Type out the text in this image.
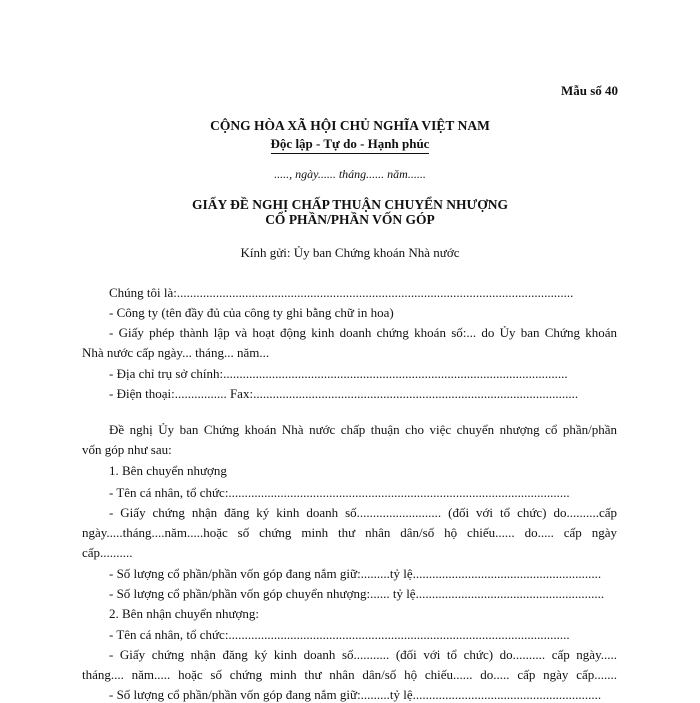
Mẫu số 40
CỘNG HÒA XÃ HỘI CHỦ NGHĨA VIỆT NAM
Độc lập - Tự do - Hạnh phúc
....., ngày...... tháng...... năm......
GIẤY ĐỀ NGHỊ CHẤP THUẬN CHUYỂN NHƯỢNG
CỔ PHẦN/PHẦN VỐN GÓP
Kính gửi: Ủy ban Chứng khoán Nhà nước
Chúng tôi là:..........................................................................................................................
- Công ty (tên đầy đủ của công ty ghi bằng chữ in hoa)
- Giấy phép thành lập và hoạt động kinh doanh chứng khoán số:... do Ủy ban Chứng khoán
Nhà nước cấp ngày... tháng... năm...
- Địa chỉ trụ sở chính:..........................................................................................................
- Điện thoại:................ Fax:....................................................................................................
Đề nghị Ủy ban Chứng khoán Nhà nước chấp thuận cho việc chuyển nhượng cổ phần/phần
vốn góp như sau:
1. Bên chuyển nhượng
- Tên cá nhân, tổ chức:.........................................................................................................
- Giấy chứng nhận đăng ký kinh doanh số.......................... (đối với tổ chức) do..........cấp
ngày.....tháng....năm.....hoặc số chứng minh thư nhân dân/số hộ chiếu...... do..... cấp ngày
cấp..........
- Số lượng cổ phần/phần vốn góp đang nắm giữ:.........tỷ lệ..........................................................
- Số lượng cổ phần/phần vốn góp chuyển nhượng:...... tỷ lệ..........................................................
2. Bên nhận chuyển nhượng:
- Tên cá nhân, tổ chức:.........................................................................................................
- Giấy chứng nhận đăng ký kinh doanh số........... (đối với tổ chức) do.......... cấp ngày.....
tháng.... năm..... hoặc số chứng minh thư nhân dân/số hộ chiếu...... do..... cấp ngày cấp.......
- Số lượng cổ phần/phần vốn góp đang nắm giữ:.........tỷ lệ..........................................................
